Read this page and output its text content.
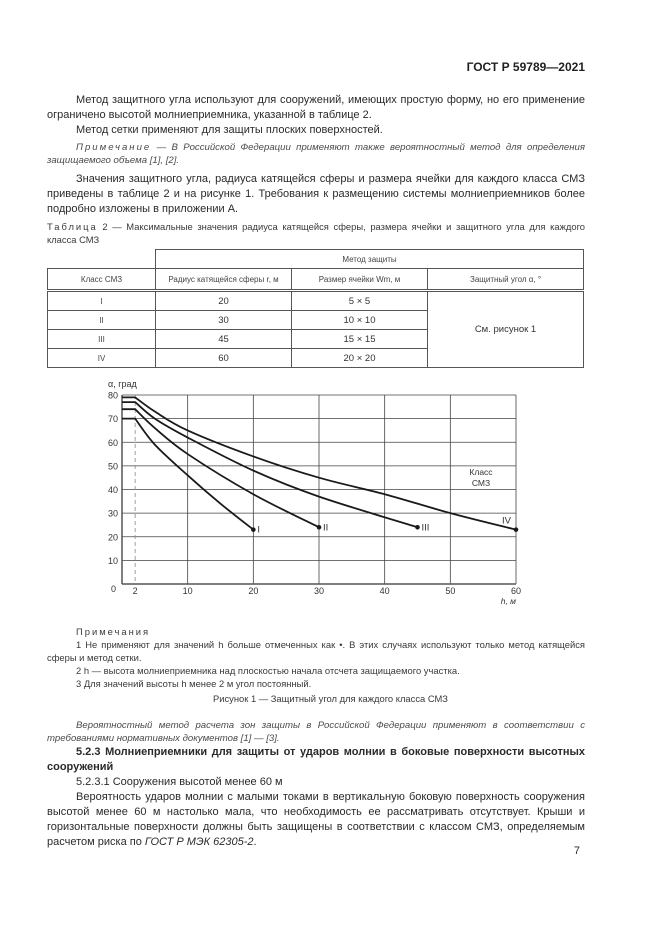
ГОСТ Р 59789—2021
Метод защитного угла используют для сооружений, имеющих простую форму, но его применение ограничено высотой молниеприемника, указанной в таблице 2.
Метод сетки применяют для защиты плоских поверхностей.
Примечание — В Российской Федерации применяют также вероятностный метод для определения защищаемого объема [1], [2].
Значения защитного угла, радиуса катящейся сферы и размера ячейки для каждого класса СМЗ приведены в таблице 2 и на рисунке 1. Требования к размещению системы молниеприемников более подробно изложены в приложении А.
Таблица 2 — Максимальные значения радиуса катящейся сферы, размера ячейки и защитного угла для каждого класса СМЗ
	Метод защиты		
Класс СМЗ	Радиус катящейся сферы r, м	Размер ячейки Wm, м	Защитный угол α, °
I	20	5 × 5	См. рисунок 1
II	30	10 × 10	
III	45	15 × 15	
IV	60	20 × 20	
10
20
30
40
50
60
70
80
0 2	10	20	30	40	50	60
α, град
h, м
Класс
СМЗ
I	II	III
IV
Примечания
1 Не применяют для значений h больше отмеченных как •. В этих случаях используют только метод катящейся сферы и метод сетки.
2 h — высота молниеприемника над плоскостью начала отсчета защищаемого участка.
3 Для значений высоты h менее 2 м угол постоянный.
Рисунок 1 — Защитный угол для каждого класса СМЗ
Вероятностный метод расчета зон защиты в Российской Федерации применяют в соответствии с требованиями нормативных документов [1] — [3].
5.2.3 Молниеприемники для защиты от ударов молнии в боковые поверхности высотных сооружений
5.2.3.1 Сооружения высотой менее 60 м
Вероятность ударов молнии с малыми токами в вертикальную боковую поверхность сооружения высотой менее 60 м настолько мала, что необходимость ее рассматривать отсутствует. Крыши и горизонтальные поверхности должны быть защищены в соответствии с классом СМЗ, определяемым расчетом риска по ГОСТ Р МЭК 62305-2.
7
